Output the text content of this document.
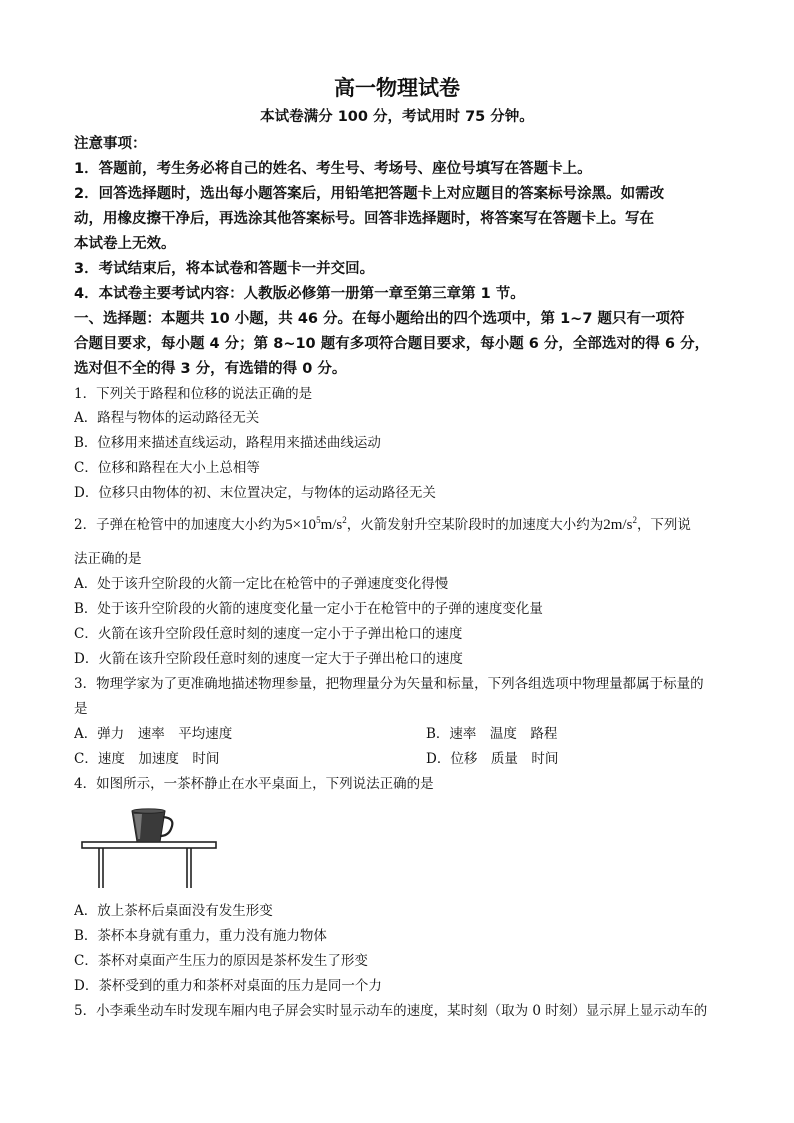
高一物理试卷
本试卷满分 100 分，考试用时 75 分钟。
注意事项：
1．答题前，考生务必将自己的姓名、考生号、考场号、座位号填写在答题卡上。
2．回答选择题时，选出每小题答案后，用铅笔把答题卡上对应题目的答案标号涂黑。如需改
动，用橡皮擦干净后，再选涂其他答案标号。回答非选择题时，将答案写在答题卡上。写在
本试卷上无效。
3．考试结束后，将本试卷和答题卡一并交回。
4．本试卷主要考试内容：人教版必修第一册第一章至第三章第 1 节。
一、选择题：本题共 10 小题，共 46 分。在每小题给出的四个选项中，第 1~7 题只有一项符
合题目要求，每小题 4 分；第 8~10 题有多项符合题目要求，每小题 6 分，全部选对的得 6 分，
选对但不全的得 3 分，有选错的得 0 分。
1．下列关于路程和位移的说法正确的是
A．路程与物体的运动路径无关
B．位移用来描述直线运动，路程用来描述曲线运动
C．位移和路程在大小上总相等
D．位移只由物体的初、末位置决定，与物体的运动路径无关
2．子弹在枪管中的加速度大小约为$5\times 10^5m/s^2$，火箭发射升空某阶段时的加速度大小约为$2m/s^2$，下列说
法正确的是
A．处于该升空阶段的火箭一定比在枪管中的子弹速度变化得慢
B．处于该升空阶段的火箭的速度变化量一定小于在枪管中的子弹的速度变化量
C．火箭在该升空阶段任意时刻的速度一定小于子弹出枪口的速度
D．火箭在该升空阶段任意时刻的速度一定大于子弹出枪口的速度
3．物理学家为了更准确地描述物理参量，把物理量分为矢量和标量，下列各组选项中物理量都属于标量的
是
A．弹力　速率　平均速度	B．速率　温度　路程
C．速度　加速度　时间	D．位移　质量　时间
4．如图所示，一茶杯静止在水平桌面上，下列说法正确的是
A．放上茶杯后桌面没有发生形变
B．茶杯本身就有重力，重力没有施力物体
C．茶杯对桌面产生压力的原因是茶杯发生了形变
D．茶杯受到的重力和茶杯对桌面的压力是同一个力
5．小李乘坐动车时发现车厢内电子屏会实时显示动车的速度，某时刻（取为 0 时刻）显示屏上显示动车的
